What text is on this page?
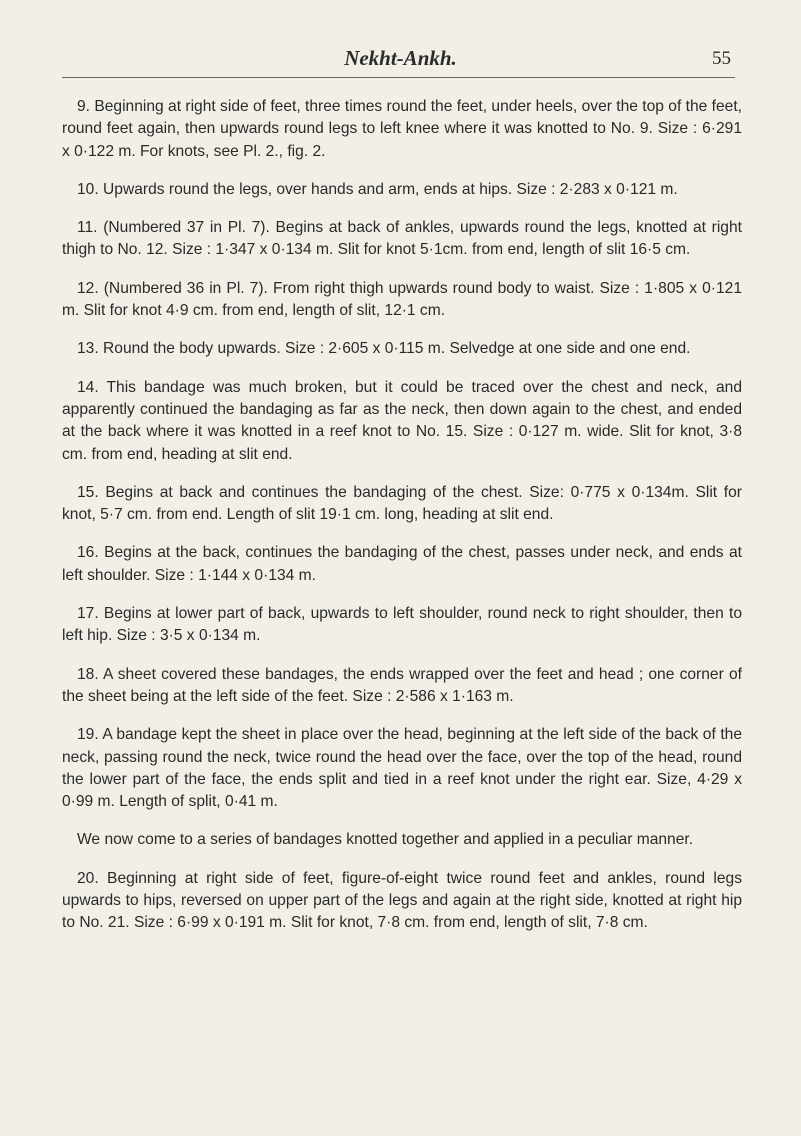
Nekht-Ankh.	55

9. Beginning at right side of feet, three times round the feet, under heels, over the top of the feet, round feet again, then upwards round legs to left knee where it was knotted to No. 9. Size : 6·291 x 0·122 m. For knots, see Pl. 2., fig. 2.

10. Upwards round the legs, over hands and arm, ends at hips. Size : 2·283 x 0·121 m.

11. (Numbered 37 in Pl. 7). Begins at back of ankles, upwards round the legs, knotted at right thigh to No. 12. Size : 1·347 x 0·134 m. Slit for knot 5·1cm. from end, length of slit 16·5 cm.

12. (Numbered 36 in Pl. 7). From right thigh upwards round body to waist. Size : 1·805 x 0·121 m. Slit for knot 4·9 cm. from end, length of slit, 12·1 cm.

13. Round the body upwards. Size : 2·605 x 0·115 m. Selvedge at one side and one end.

14. This bandage was much broken, but it could be traced over the chest and neck, and apparently continued the bandaging as far as the neck, then down again to the chest, and ended at the back where it was knotted in a reef knot to No. 15. Size : 0·127 m. wide. Slit for knot, 3·8 cm. from end, heading at slit end.

15. Begins at back and continues the bandaging of the chest. Size: 0·775 x 0·134m. Slit for knot, 5·7 cm. from end. Length of slit 19·1 cm. long, heading at slit end.

16. Begins at the back, continues the bandaging of the chest, passes under neck, and ends at left shoulder. Size : 1·144 x 0·134 m.

17. Begins at lower part of back, upwards to left shoulder, round neck to right shoulder, then to left hip. Size : 3·5 x 0·134 m.

18. A sheet covered these bandages, the ends wrapped over the feet and head ; one corner of the sheet being at the left side of the feet. Size : 2·586 x 1·163 m.

19. A bandage kept the sheet in place over the head, beginning at the left side of the back of the neck, passing round the neck, twice round the head over the face, over the top of the head, round the lower part of the face, the ends split and tied in a reef knot under the right ear. Size, 4·29 x 0·99 m. Length of split, 0·41 m.

We now come to a series of bandages knotted together and applied in a peculiar manner.

20. Beginning at right side of feet, figure-of-eight twice round feet and ankles, round legs upwards to hips, reversed on upper part of the legs and again at the right side, knotted at right hip to No. 21. Size : 6·99 x 0·191 m. Slit for knot, 7·8 cm. from end, length of slit, 7·8 cm.
